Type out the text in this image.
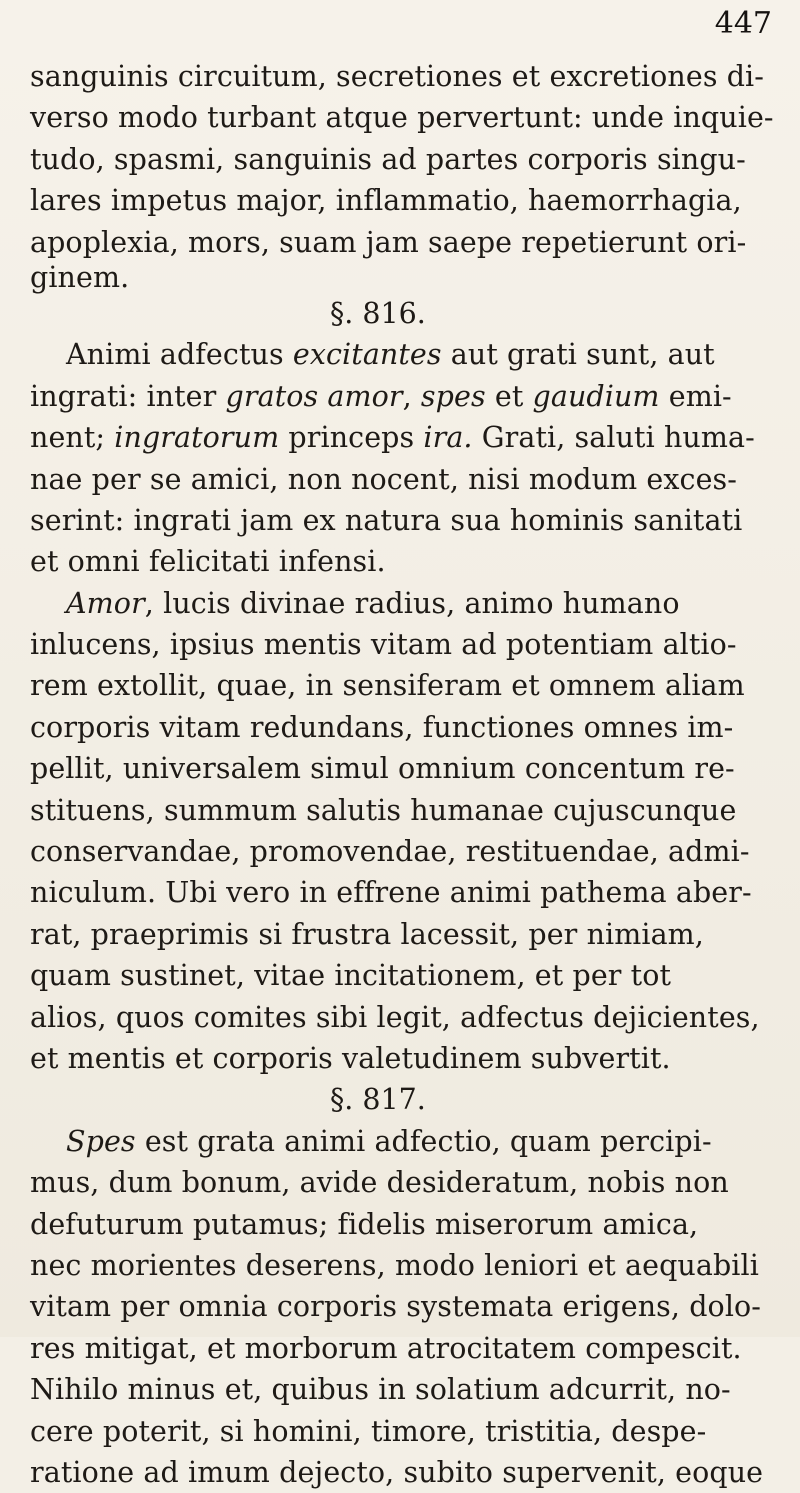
447
sanguinis circuitum, secretiones et excretiones di-
verso modo turbant atque pervertunt: unde inquie-
tudo, spasmi, sanguinis ad partes corporis singu-
lares impetus major, inflammatio, haemorrhagia,
apoplexia, mors, suam jam saepe repetierunt ori-
ginem.
§. 816.
Animi adfectus excitantes aut grati sunt, aut
ingrati: inter gratos amor, spes et gaudium emi-
nent; ingratorum princeps ira. Grati, saluti huma-
nae per se amici, non nocent, nisi modum exces-
serint: ingrati jam ex natura sua hominis sanitati
et omni felicitati infensi.
Amor, lucis divinae radius, animo humano
inlucens, ipsius mentis vitam ad potentiam altio-
rem extollit, quae, in sensiferam et omnem aliam
corporis vitam redundans, functiones omnes im-
pellit, universalem simul omnium concentum re-
stituens, summum salutis humanae cujuscunque
conservandae, promovendae, restituendae, admi-
niculum. Ubi vero in effrene animi pathema aber-
rat, praeprimis si frustra lacessit, per nimiam,
quam sustinet, vitae incitationem, et per tot
alios, quos comites sibi legit, adfectus dejicientes,
et mentis et corporis valetudinem subvertit.
§. 817.
Spes est grata animi adfectio, quam percipi-
mus, dum bonum, avide desideratum, nobis non
defuturum putamus; fidelis miserorum amica,
nec morientes deserens, modo leniori et aequabili
vitam per omnia corporis systemata erigens, dolo-
res mitigat, et morborum atrocitatem compescit.
Nihilo minus et, quibus in solatium adcurrit, no-
cere poterit, si homini, timore, tristitia, despe-
ratione ad imum dejecto, subito supervenit, eoque
